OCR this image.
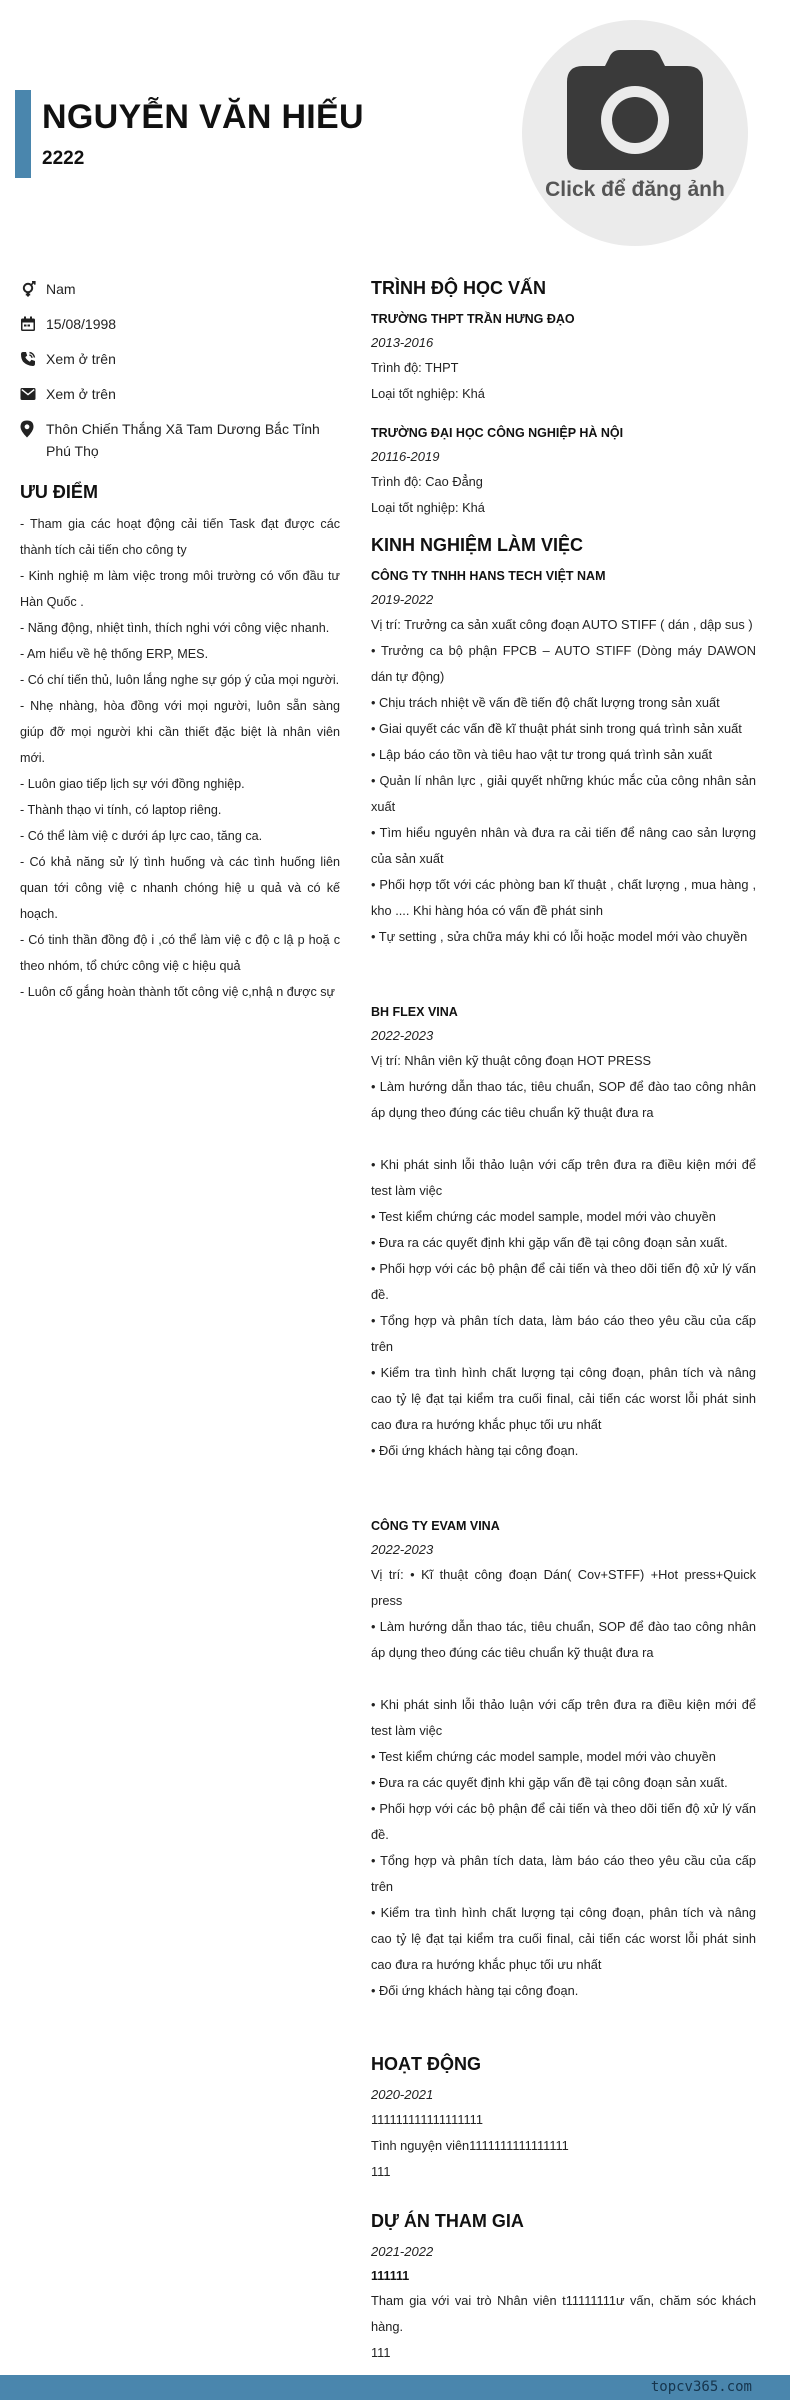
NGUYỄN VĂN HIẾU
2222
Click để đăng ảnh
Nam
15/08/1998
Xem ở trên
Xem ở trên
Thôn Chiến Thắng Xã Tam Dương Bắc Tỉnh Phú Thọ
ƯU ĐIỂM
- Tham gia các hoạt động cải tiến Task đạt được các thành tích cải tiến cho công ty
- Kinh nghiệ m làm việc trong môi trường có vốn đầu tư Hàn Quốc .
- Năng động, nhiệt tình, thích nghi với công việc nhanh.
- Am hiểu về hệ thống ERP, MES.
- Có chí tiến thủ, luôn lắng nghe sự góp ý của mọi người.
- Nhẹ nhàng, hòa đồng với mọi người, luôn sẵn sàng giúp đỡ mọi người khi cần thiết đặc biệt là nhân viên mới.
- Luôn giao tiếp lịch sự với đồng nghiệp.
- Thành thạo vi tính, có laptop riêng.
- Có thể làm việ c dưới áp lực cao, tăng ca.
- Có khả năng sử lý tình huống và các tình huống liên quan tới công việ c nhanh chóng hiệ u quả và có kế hoạch.
- Có tinh thần đồng độ i ,có thể làm việ c độ c lậ p hoặ c theo nhóm, tổ chức công việ c hiệu quả
- Luôn cố gắng hoàn thành tốt công việ c,nhậ n được sự
TRÌNH ĐỘ HỌC VẤN
TRƯỜNG THPT TRẦN HƯNG ĐẠO
2013-2016
Trình độ: THPT
Loại tốt nghiệp: Khá
TRƯỜNG ĐẠI HỌC CÔNG NGHIỆP HÀ NỘI
20116-2019
Trình độ: Cao Đẳng
Loại tốt nghiệp: Khá
KINH NGHIỆM LÀM VIỆC
CÔNG TY TNHH HANS TECH VIỆT NAM
2019-2022
Vị trí: Trưởng ca sản xuất công đoạn AUTO STIFF ( dán , dập sus )
• Trưởng ca bộ phận FPCB – AUTO STIFF (Dòng máy DAWON dán tự động)
• Chịu trách nhiệt về vấn đề tiến độ chất lượng trong sản xuất
• Giai quyết các vấn đề kĩ thuật phát sinh trong quá trình sản xuất
• Lập báo cáo tồn và tiêu hao vật tư trong quá trình sản xuất
• Quản lí nhân lực , giải quyết những khúc mắc của công nhân sản xuất
• Tìm hiểu nguyên nhân và đưa ra cải tiến để nâng cao sản lượng của sản xuất
• Phối hợp tốt với các phòng ban kĩ thuật , chất lượng , mua hàng , kho .... Khi hàng hóa có vấn đề phát sinh
• Tự setting , sửa chữa máy khi có lỗi hoặc model mới vào chuyền
BH FLEX VINA
2022-2023
Vị trí: Nhân viên kỹ thuật công đoạn HOT PRESS
• Làm hướng dẫn thao tác, tiêu chuẩn, SOP để đào tao công nhân áp dụng theo đúng các tiêu chuẩn kỹ thuật đưa ra
• Khi phát sinh lỗi thảo luận với cấp trên đưa ra điều kiện mới để test làm việc
• Test kiểm chứng các model sample, model mới vào chuyền
• Đưa ra các quyết định khi gặp vấn đề tại công đoạn sản xuất.
• Phối hợp với các bộ phận để cải tiến và theo dõi tiến độ xử lý vấn đề.
• Tổng hợp và phân tích data, làm báo cáo theo yêu cầu của cấp trên
• Kiểm tra tình hình chất lượng tại công đoạn, phân tích và nâng cao tỷ lệ đạt tại kiểm tra cuối final, cải tiến các worst lỗi phát sinh cao đưa ra hướng khắc phục tối ưu nhất
• Đối ứng khách hàng tại công đoạn.
CÔNG TY EVAM VINA
2022-2023
Vị trí: • Kĩ thuật công đoạn Dán( Cov+STFF) +Hot press+Quick press
• Làm hướng dẫn thao tác, tiêu chuẩn, SOP để đào tao công nhân áp dụng theo đúng các tiêu chuẩn kỹ thuật đưa ra
• Khi phát sinh lỗi thảo luận với cấp trên đưa ra điều kiện mới để test làm việc
• Test kiểm chứng các model sample, model mới vào chuyền
• Đưa ra các quyết định khi gặp vấn đề tại công đoạn sản xuất.
• Phối hợp với các bộ phận để cải tiến và theo dõi tiến độ xử lý vấn đề.
• Tổng hợp và phân tích data, làm báo cáo theo yêu cầu của cấp trên
• Kiểm tra tình hình chất lượng tại công đoạn, phân tích và nâng cao tỷ lệ đạt tại kiểm tra cuối final, cải tiến các worst lỗi phát sinh cao đưa ra hướng khắc phục tối ưu nhất
• Đối ứng khách hàng tại công đoạn.
HOẠT ĐỘNG
2020-2021
111111111111111111
Tình nguyện viên1111111111111111
111
DỰ ÁN THAM GIA
2021-2022
111111
Tham gia với vai trò Nhân viên t11111111ư vấn, chăm sóc khách hàng.
111
topcv365.com
